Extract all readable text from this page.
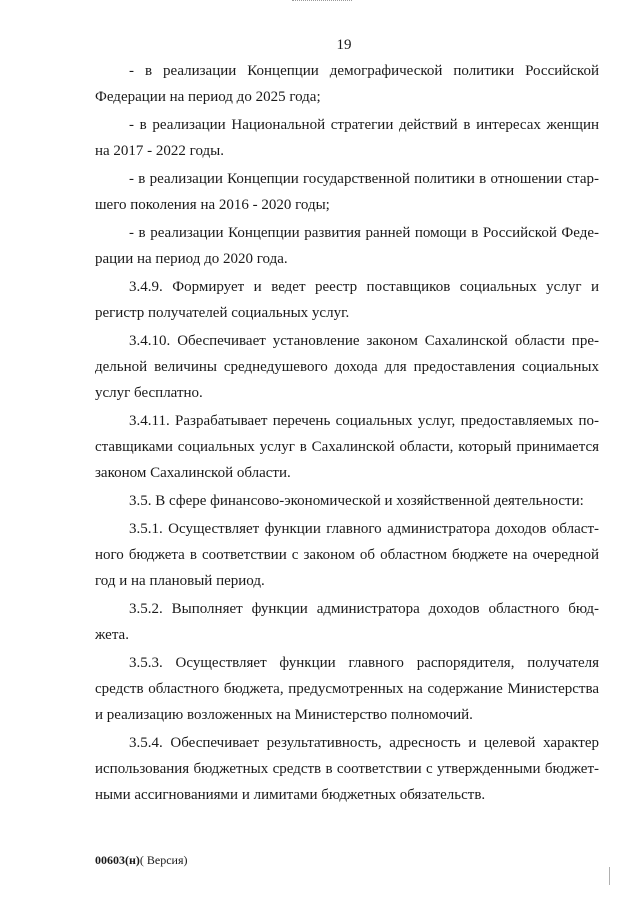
19
- в реализации Концепции демографической политики Российской
Федерации на период до 2025 года;
- в реализации Национальной стратегии действий в интересах женщин
на 2017 - 2022 годы.
- в реализации Концепции государственной политики в отношении стар-
шего поколения на 2016 - 2020 годы;
- в реализации Концепции развития ранней помощи в Российской Феде-
рации на период до 2020 года.
3.4.9. Формирует и ведет реестр поставщиков социальных услуг и
регистр получателей социальных услуг.
3.4.10. Обеспечивает установление законом Сахалинской области пре-
дельной величины среднедушевого дохода для предоставления социальных
услуг бесплатно.
3.4.11. Разрабатывает перечень социальных услуг, предоставляемых по-
ставщиками социальных услуг в Сахалинской области, который принимается
законом Сахалинской области.
3.5. В сфере финансово-экономической и хозяйственной деятельности:
3.5.1. Осуществляет функции главного администратора доходов област-
ного бюджета в соответствии с законом об областном бюджете на очередной
год и на плановый период.
3.5.2. Выполняет функции администратора доходов областного бюд-
жета.
3.5.3. Осуществляет функции главного распорядителя, получателя
средств областного бюджета, предусмотренных на содержание Министерства
и реализацию возложенных на Министерство полномочий.
3.5.4. Обеспечивает результативность, адресность и целевой характер
использования бюджетных средств в соответствии с утвержденными бюджет-
ными ассигнованиями и лимитами бюджетных обязательств.
00603(н)( Версия)
